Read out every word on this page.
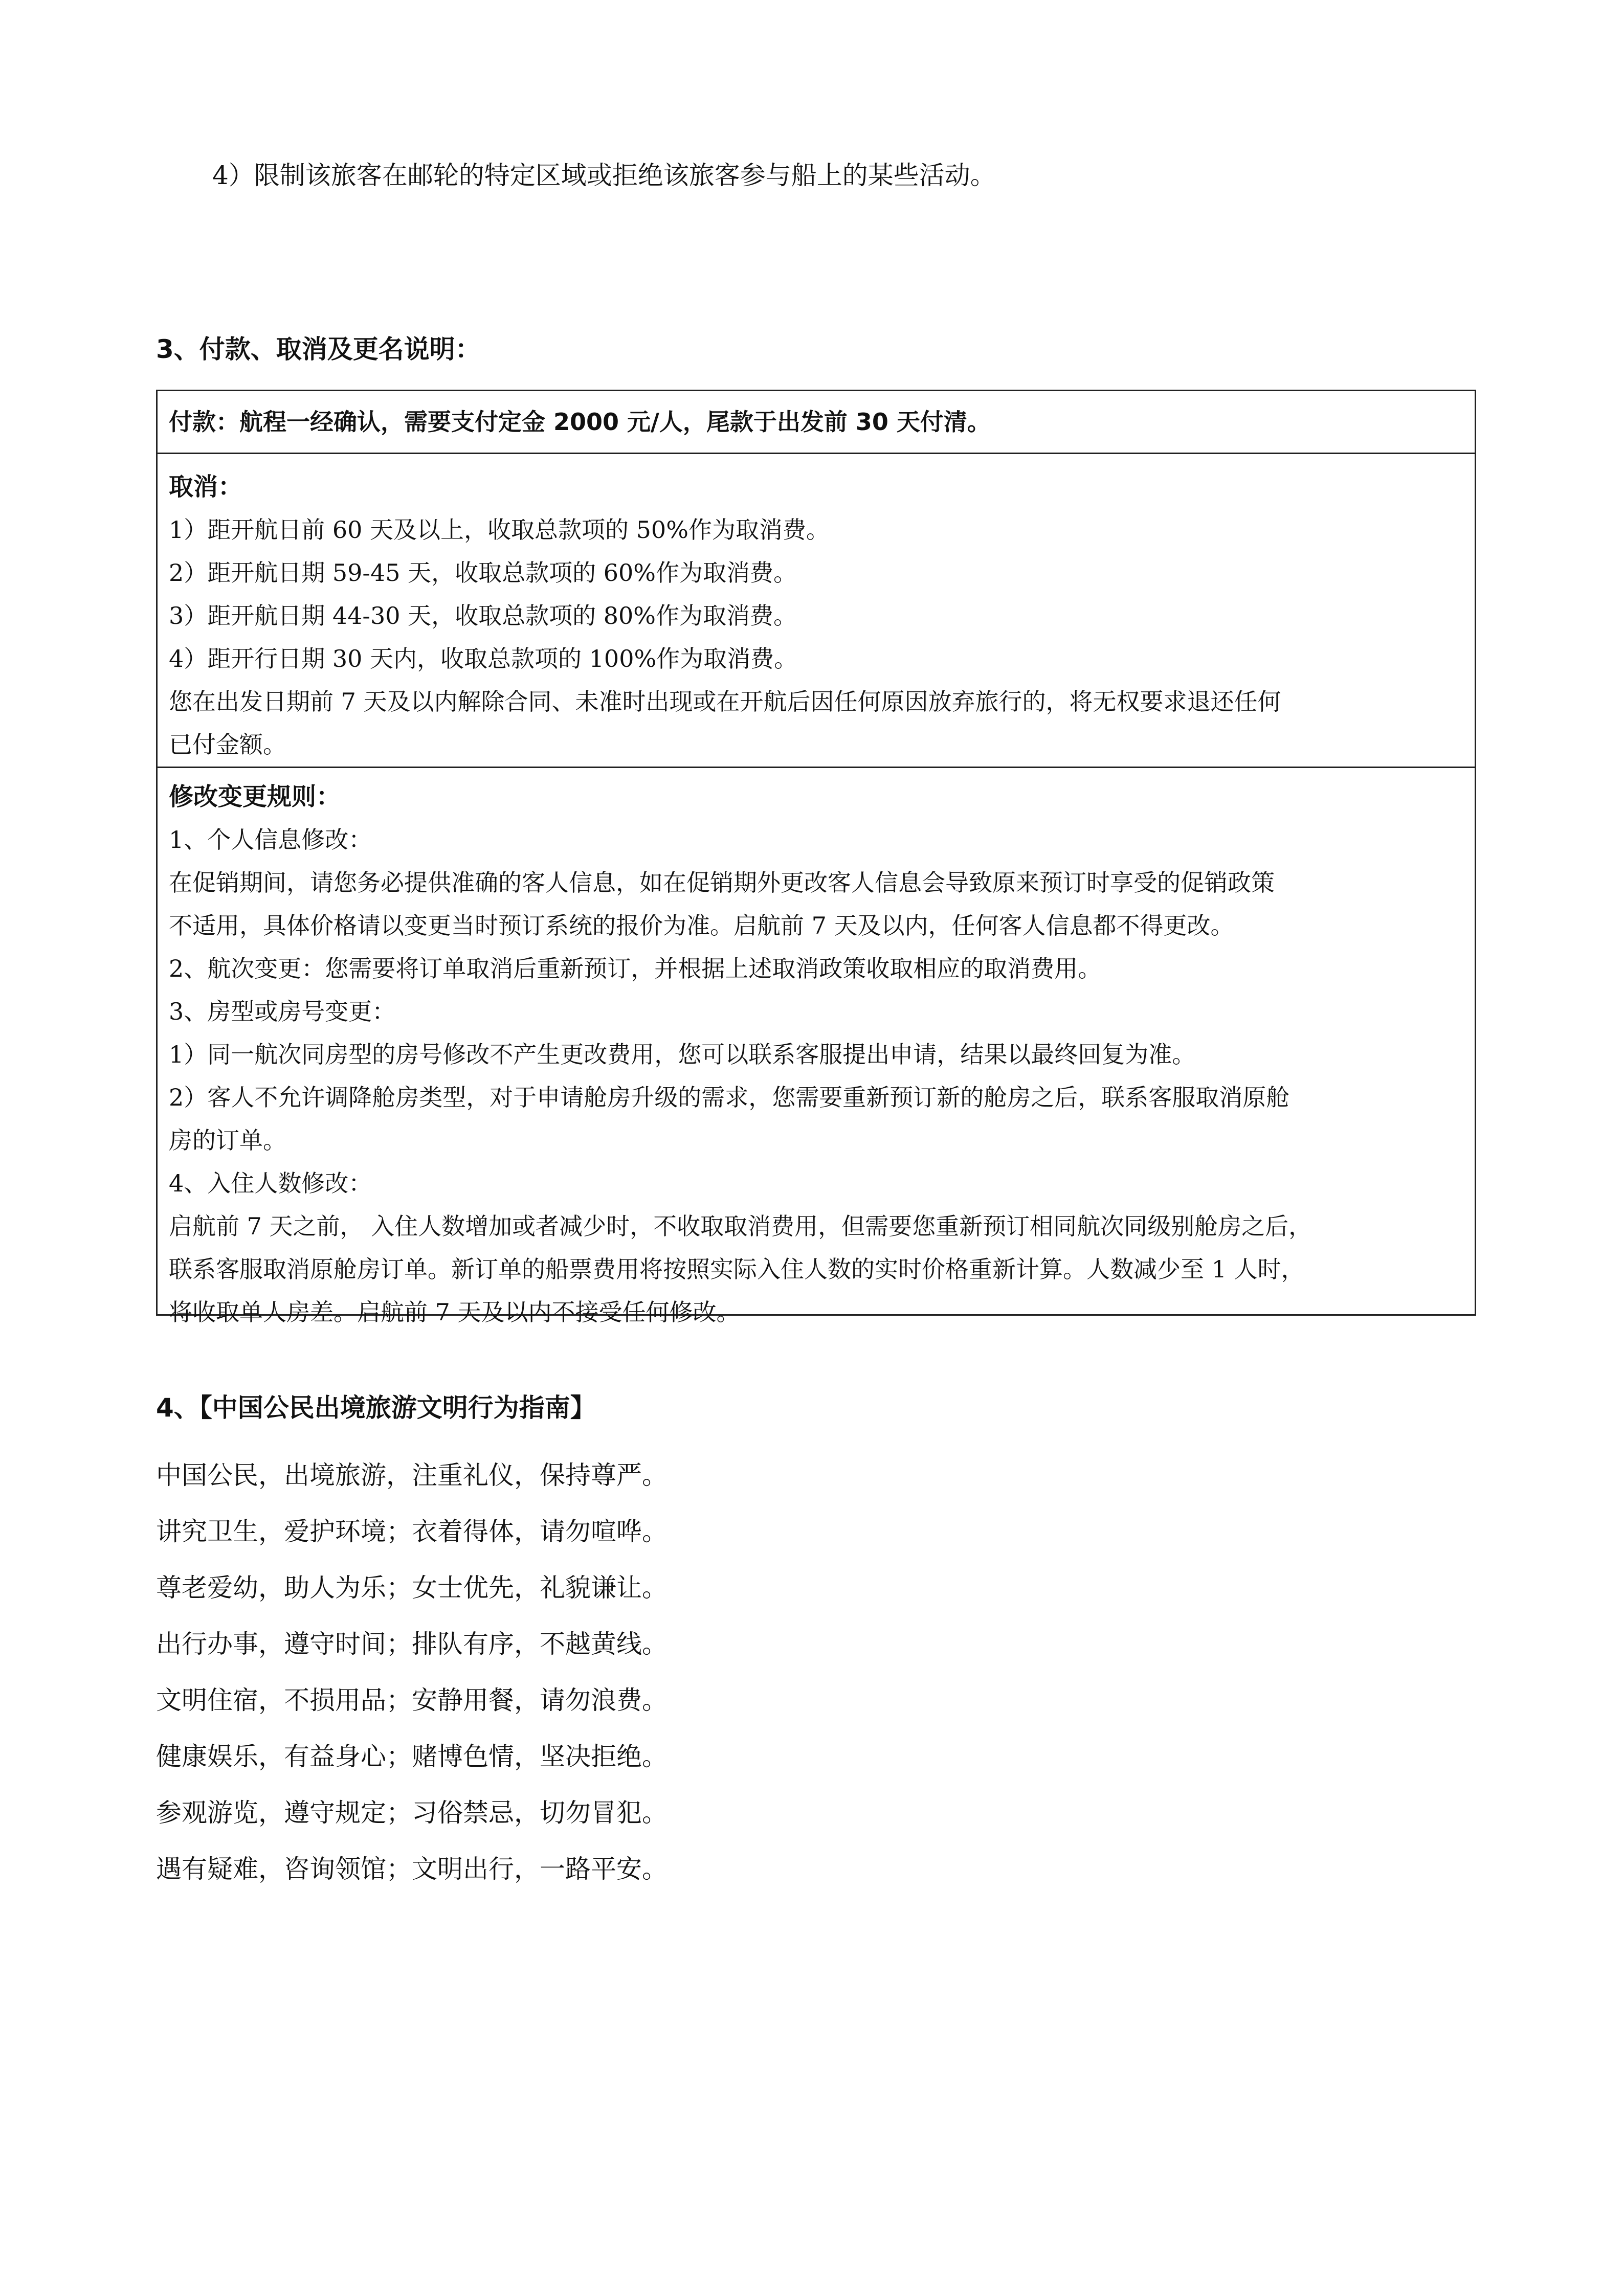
4）限制该旅客在邮轮的特定区域或拒绝该旅客参与船上的某些活动。
3、付款、取消及更名说明：
付款：航程一经确认，需要支付定金 2000 元/人，尾款于出发前 30 天付清。
取消：
1）距开航日前 60 天及以上，收取总款项的 50%作为取消费。
2）距开航日期 59-45 天，收取总款项的 60%作为取消费。
3）距开航日期 44-30 天，收取总款项的 80%作为取消费。
4）距开行日期 30 天内，收取总款项的 100%作为取消费。
您在出发日期前 7 天及以内解除合同、未准时出现或在开航后因任何原因放弃旅行的，将无权要求退还任何
已付金额。
修改变更规则：
1、个人信息修改：
在促销期间，请您务必提供准确的客人信息，如在促销期外更改客人信息会导致原来预订时享受的促销政策
不适用，具体价格请以变更当时预订系统的报价为准。启航前 7 天及以内，任何客人信息都不得更改。
2、航次变更：您需要将订单取消后重新预订，并根据上述取消政策收取相应的取消费用。
3、房型或房号变更：
1）同一航次同房型的房号修改不产生更改费用，您可以联系客服提出申请，结果以最终回复为准。
2）客人不允许调降舱房类型，对于申请舱房升级的需求，您需要重新预订新的舱房之后，联系客服取消原舱
房的订单。
4、入住人数修改：
启航前 7 天之前， 入住人数增加或者减少时，不收取取消费用，但需要您重新预订相同航次同级别舱房之后，
联系客服取消原舱房订单。新订单的船票费用将按照实际入住人数的实时价格重新计算。人数减少至 1 人时，
将收取单人房差。启航前 7 天及以内不接受任何修改。
4、【中国公民出境旅游文明行为指南】
中国公民，出境旅游，注重礼仪，保持尊严。
讲究卫生，爱护环境；衣着得体，请勿喧哗。
尊老爱幼，助人为乐；女士优先，礼貌谦让。
出行办事，遵守时间；排队有序，不越黄线。
文明住宿，不损用品；安静用餐，请勿浪费。
健康娱乐，有益身心；赌博色情，坚决拒绝。
参观游览，遵守规定；习俗禁忌，切勿冒犯。
遇有疑难，咨询领馆；文明出行，一路平安。
